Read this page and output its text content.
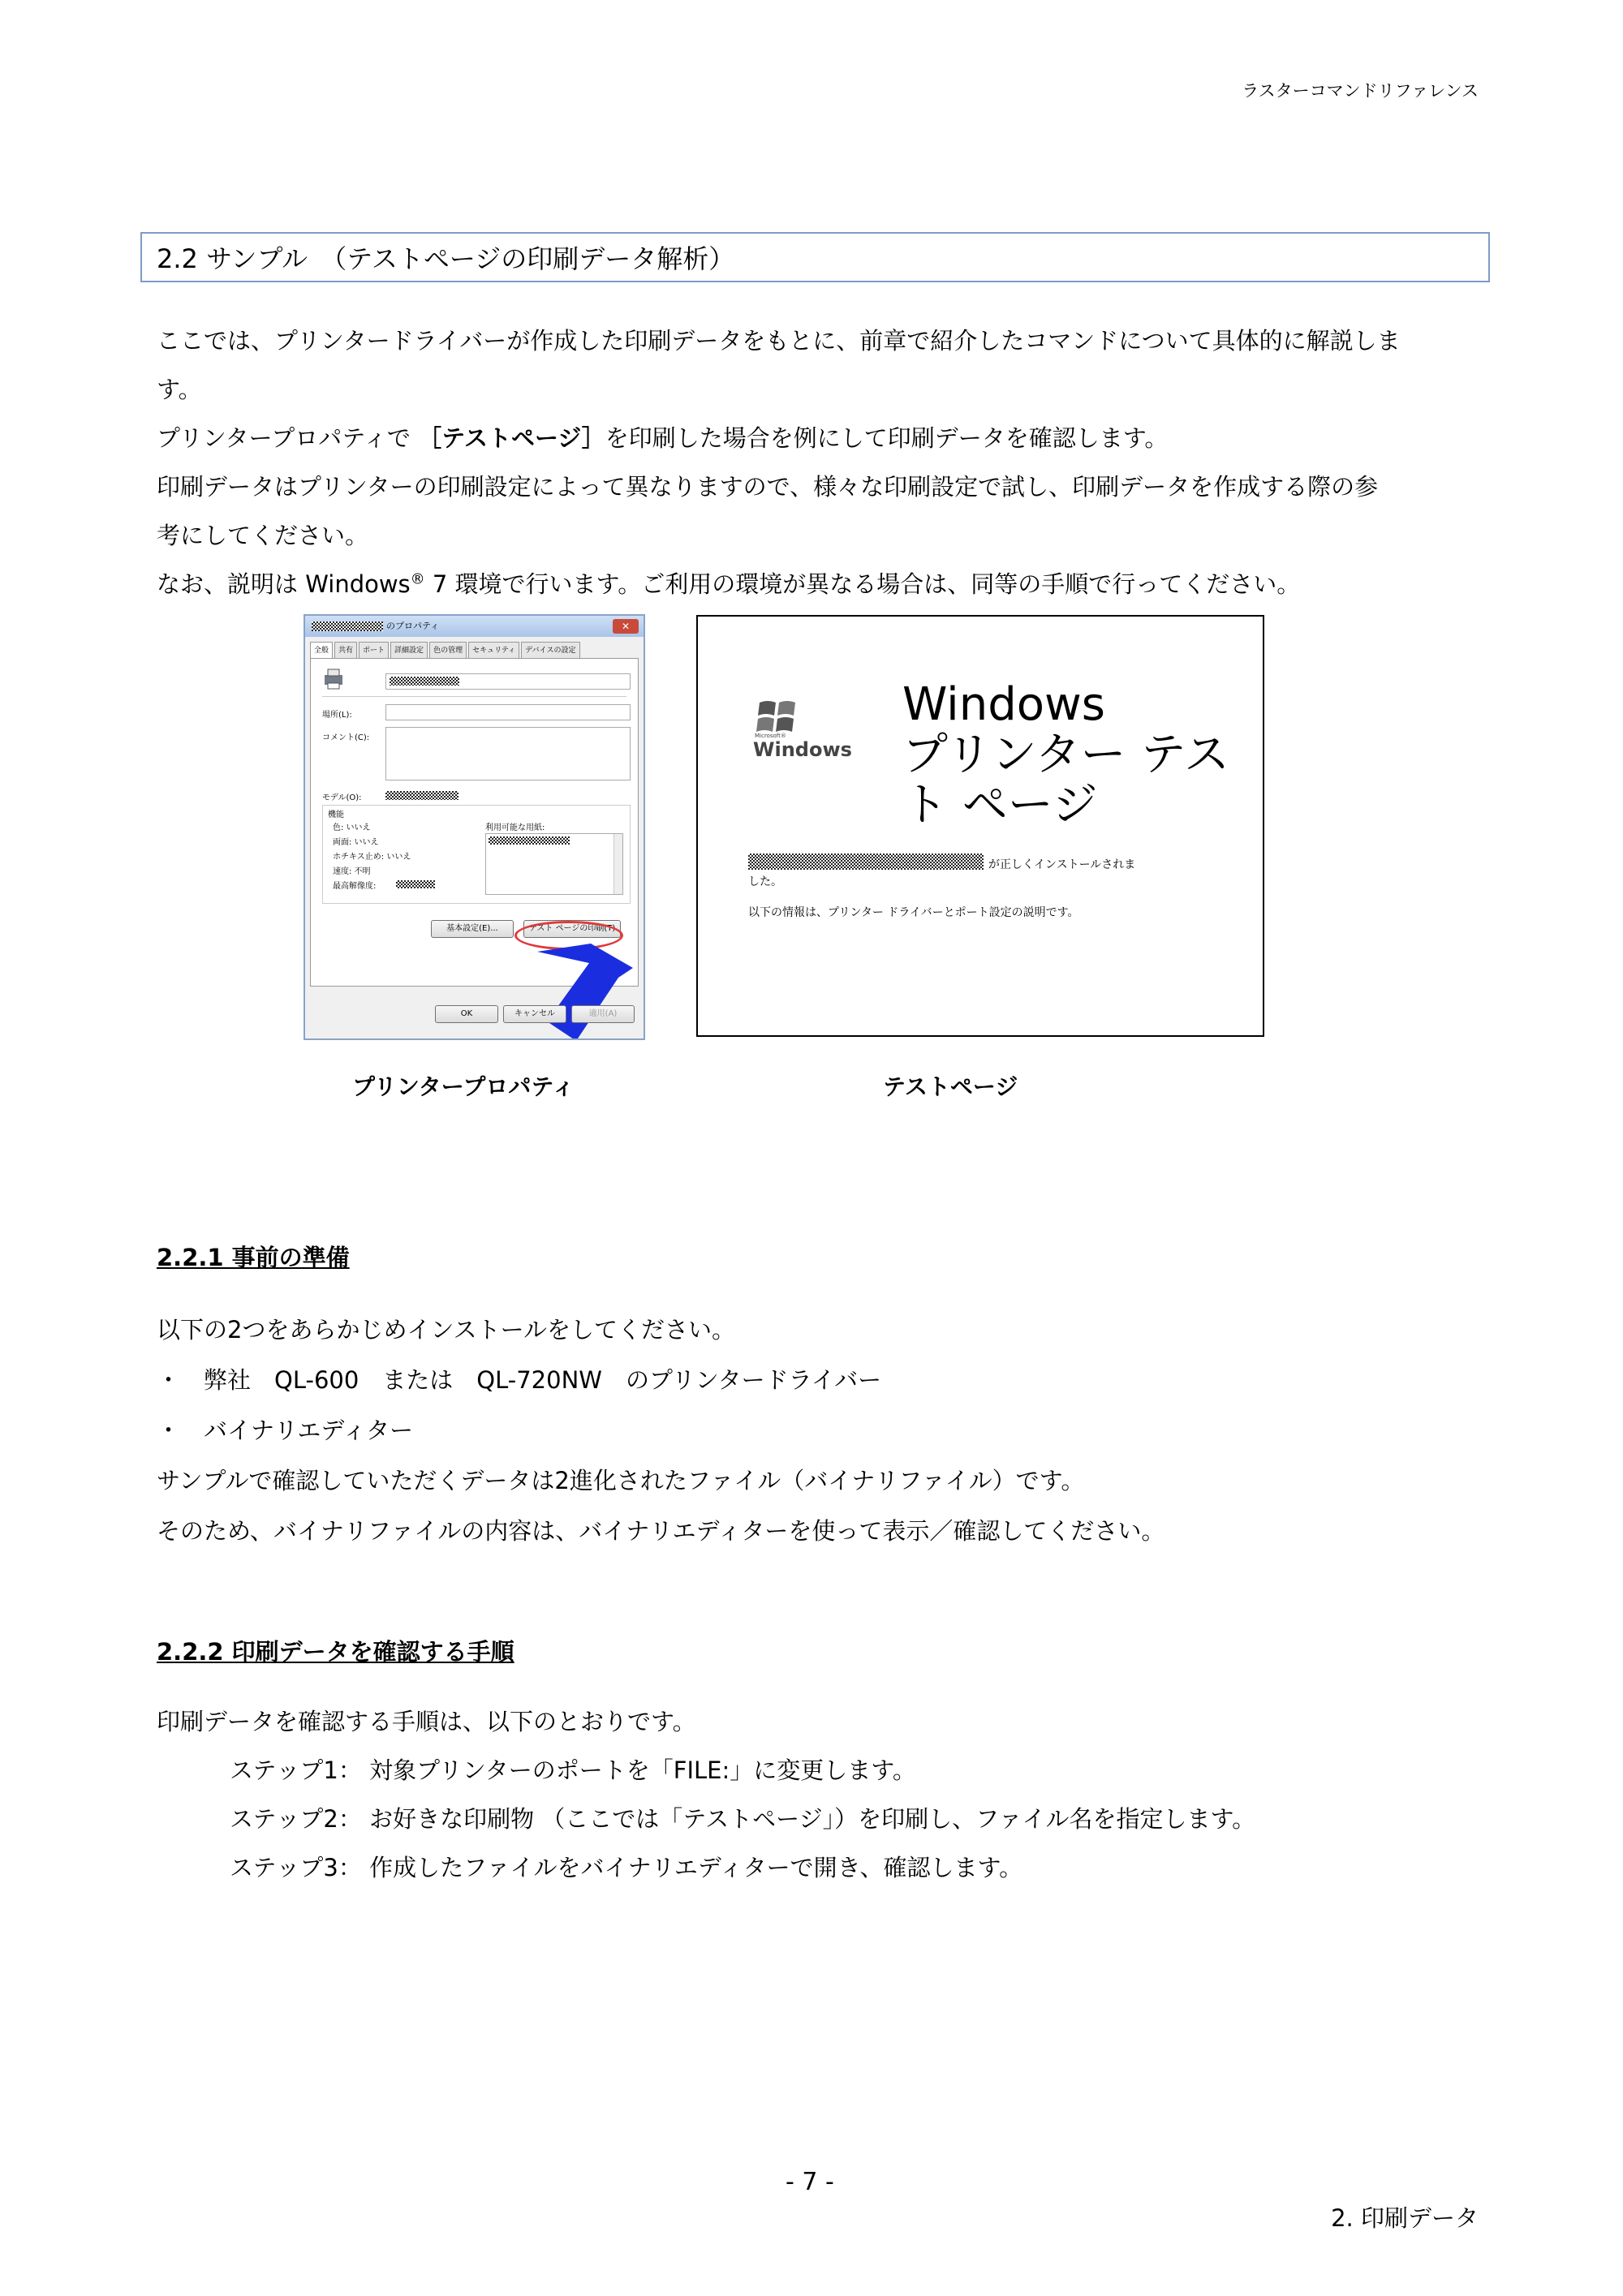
ラスターコマンドリファレンス
2.2 サンプル　（テストページの印刷データ解析）

ここでは、プリンタードライバーが作成した印刷データをもとに、前章で紹介したコマンドについて具体的に解説しま

す。

プリンタープロパティで ［テストページ］を印刷した場合を例にして印刷データを確認します。

印刷データはプリンターの印刷設定によって異なりますので、様々な印刷設定で試し、印刷データを作成する際の参

考にしてください。

なお、説明は Windows® 7 環境で行います。ご利用の環境が異なる場合は、同等の手順で行ってください。

のプロパティ	✕
全般	共有	ポート	詳細設定	色の管理	セキュリティ	デバイスの設定
場所(L):
コメント(C):
モデル(O):
機能
色: いいえ
両面: いいえ
ホチキス止め: いいえ
速度: 不明
最高解像度:
利用可能な用紙:
基本設定(E)...	テスト ページの印刷(T)
OK	キャンセル	適用(A)
Microsoft®
Windows
Windows
プリンター テス
ト ページ
が正しくインストールされま
した。
以下の情報は、プリンター ドライバーとポート設定の説明です。
プリンタープロパティ	テストページ
2.2.1 事前の準備

以下の2つをあらかじめインストールをしてください。

・　弊社　QL-600　または　QL-720NW　のプリンタードライバー

・　バイナリエディター

サンプルで確認していただくデータは2進化されたファイル（バイナリファイル）です。

そのため、バイナリファイルの内容は、バイナリエディターを使って表示／確認してください。

2.2.2 印刷データを確認する手順

印刷データを確認する手順は、以下のとおりです。

ステップ1： 対象プリンターのポートを「FILE:」に変更します。

ステップ2： お好きな印刷物 （ここでは「テストページ」）を印刷し、ファイル名を指定します。

ステップ3： 作成したファイルをバイナリエディターで開き、確認します。

- 7 -
2. 印刷データ
